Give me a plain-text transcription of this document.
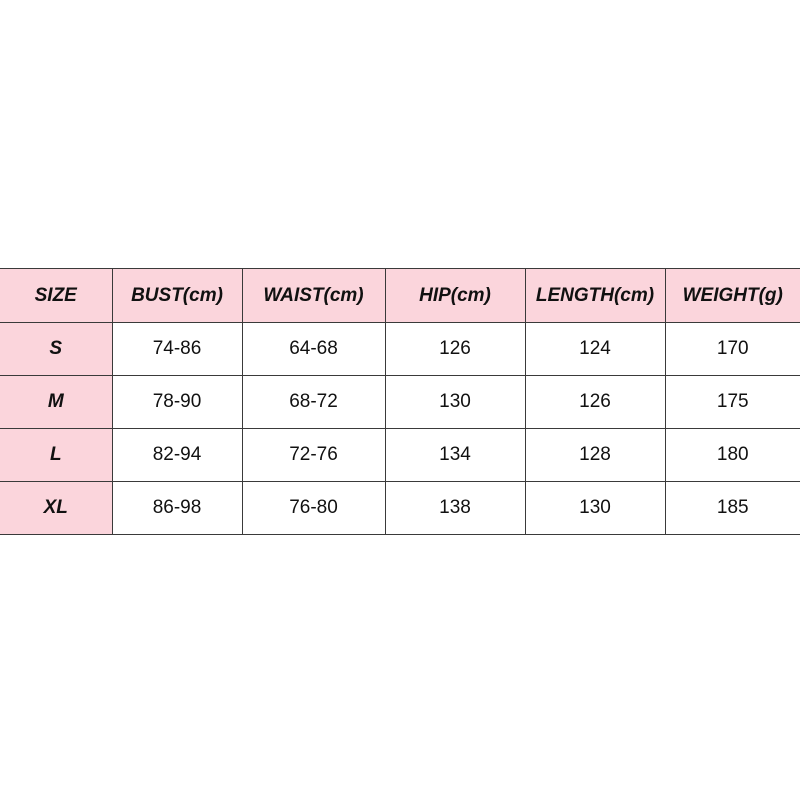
SIZE	BUST(cm)	WAIST(cm)	HIP(cm)	LENGTH(cm)	WEIGHT(g)
S	74-86	64-68	126	124	170
M	78-90	68-72	130	126	175
L	82-94	72-76	134	128	180
XL	86-98	76-80	138	130	185
